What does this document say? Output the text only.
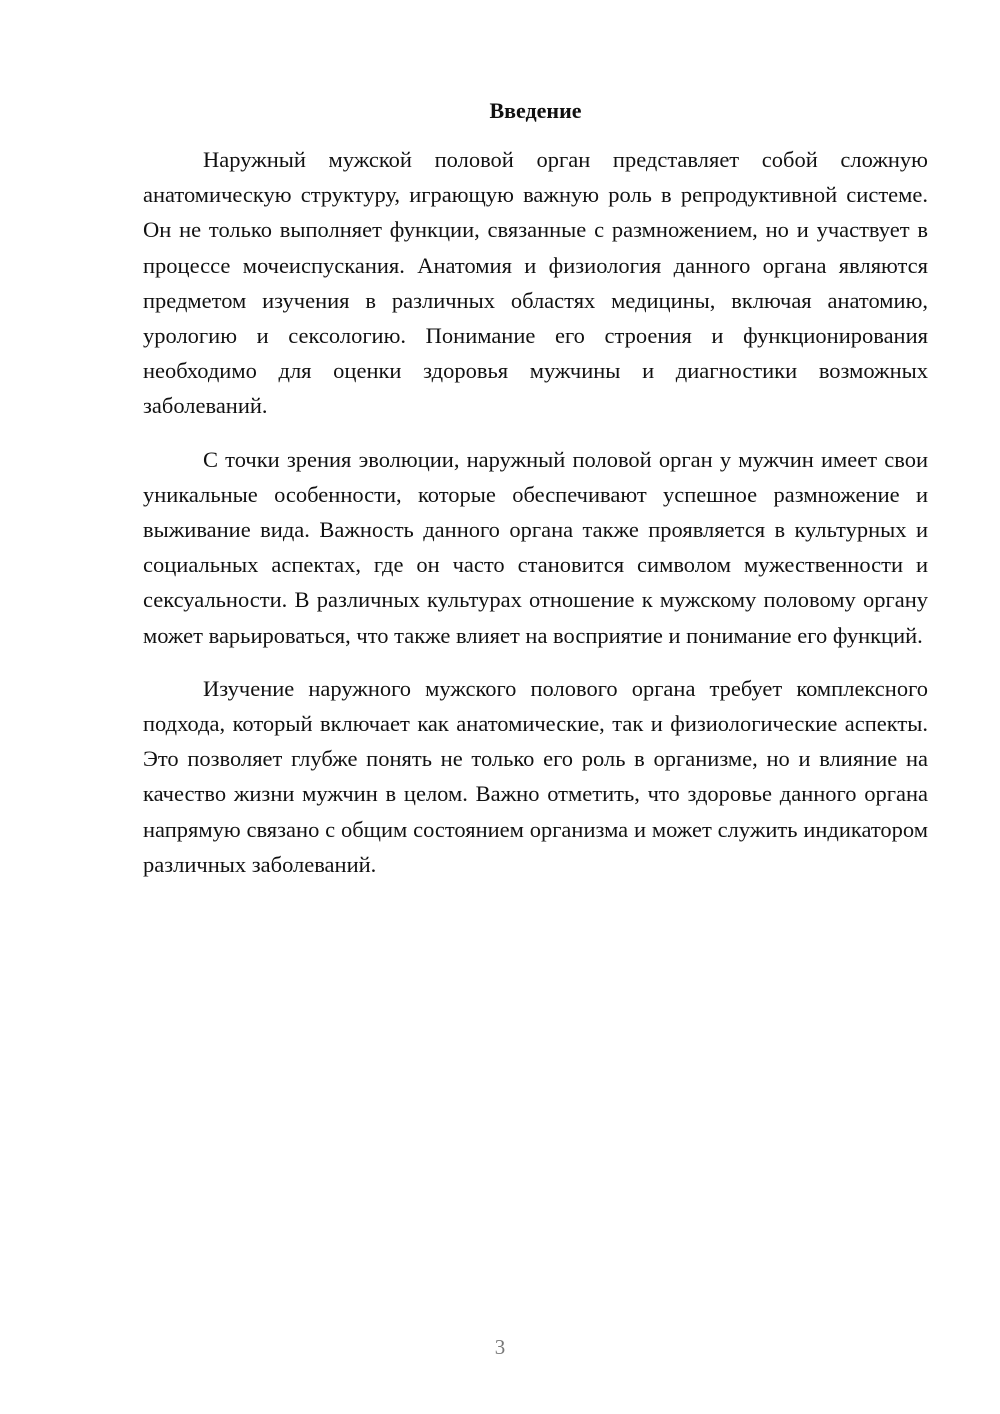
Введение

Наружный мужской половой орган представляет собой сложную анатомическую структуру, играющую важную роль в репродуктивной системе. Он не только выполняет функции, связанные с размножением, но и участвует в процессе мочеиспускания. Анатомия и физиология данного органа являются предметом изучения в различных областях медицины, включая анатомию, урологию и сексологию. Понимание его строения и функционирования необходимо для оценки здоровья мужчины и диагностики возможных заболеваний.

С точки зрения эволюции, наружный половой орган у мужчин имеет свои уникальные особенности, которые обеспечивают успешное размножение и выживание вида. Важность данного органа также проявляется в культурных и социальных аспектах, где он часто становится символом мужественности и сексуальности. В различных культурах отношение к мужскому половому органу может варьироваться, что также влияет на восприятие и понимание его функций.

Изучение наружного мужского полового органа требует комплексного подхода, который включает как анатомические, так и физиологические аспекты. Это позволяет глубже понять не только его роль в организме, но и влияние на качество жизни мужчин в целом. Важно отметить, что здоровье данного органа напрямую связано с общим состоянием организма и может служить индикатором различных заболеваний.

3
